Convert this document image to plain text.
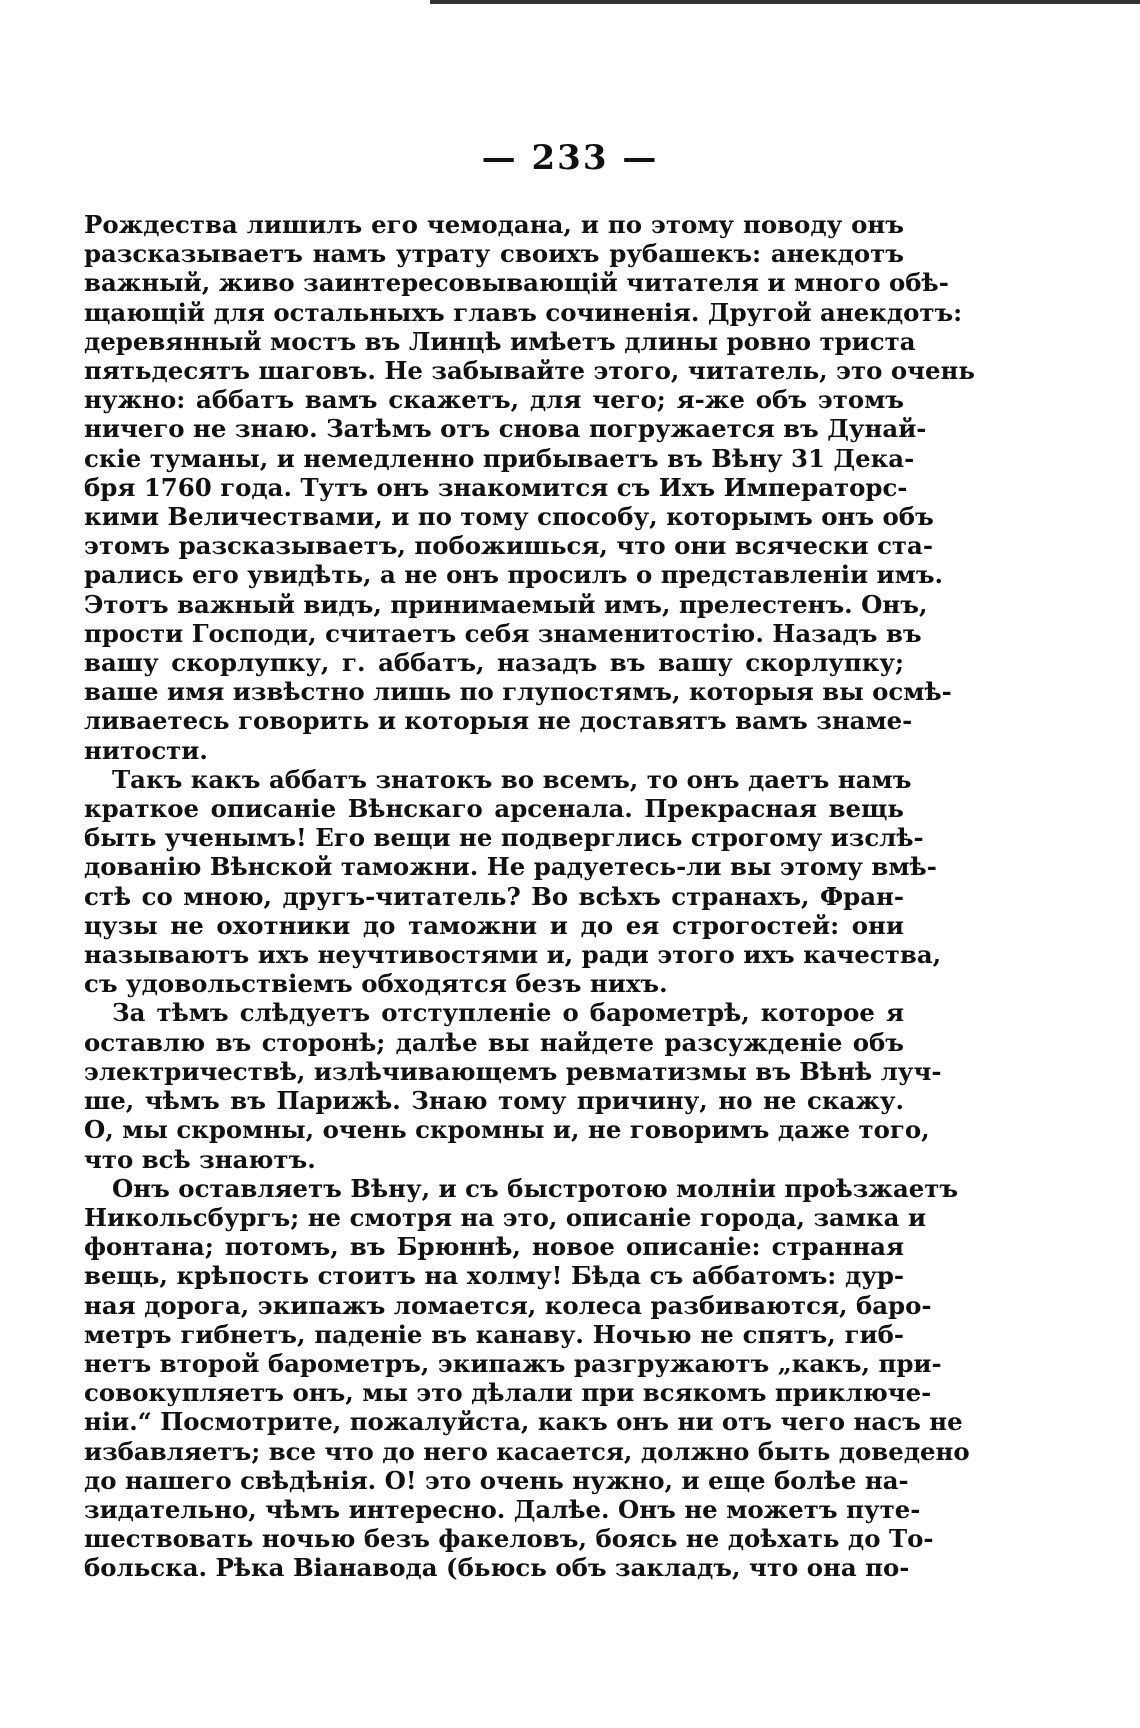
— 233 —
Рождества лишилъ его чемодана, и по этому поводу онъ
разсказываетъ намъ утрату своихъ рубашекъ: анекдотъ
важный, живо заинтересовывающій читателя и много обѣ-
щающій для остальныхъ главъ сочиненія. Другой анекдотъ:
деревянный мостъ въ Линцѣ имѣетъ длины ровно триста
пятьдесятъ шаговъ. Не забывайте этого, читатель, это очень
нужно: аббатъ вамъ скажетъ, для чего; я-же объ этомъ
ничего не знаю. Затѣмъ отъ снова погружается въ Дунай-
скіе туманы, и немедленно прибываетъ въ Вѣну 31 Дека-
бря 1760 года. Тутъ онъ знакомится съ Ихъ Императорс-
кими Величествами, и по тому способу, которымъ онъ объ
этомъ разсказываетъ, побожишься, что они всячески ста-
рались его увидѣть, а не онъ просилъ о представленіи имъ.
Этотъ важный видъ, принимаемый имъ, прелестенъ. Онъ,
прости Господи, считаетъ себя знаменитостію. Назадъ въ
вашу скорлупку, г. аббатъ, назадъ въ вашу скорлупку;
ваше имя извѣстно лишь по глупостямъ, которыя вы осмѣ-
ливаетесь говорить и которыя не доставятъ вамъ знаме-
нитости.
Такъ какъ аббатъ знатокъ во всемъ, то онъ даетъ намъ
краткое описаніе Вѣнскаго арсенала. Прекрасная вещь
быть ученымъ! Его вещи не подверглись строгому изслѣ-
дованію Вѣнской таможни. Не радуетесь-ли вы этому вмѣ-
стѣ со мною, другъ-читатель? Во всѣхъ странахъ, Фран-
цузы не охотники до таможни и до ея строгостей: они
называютъ ихъ неучтивостями и, ради этого ихъ качества,
съ удовольствіемъ обходятся безъ нихъ.
За тѣмъ слѣдуетъ отступленіе о барометрѣ, которое я
оставлю въ сторонѣ; далѣе вы найдете разсужденіе объ
электричествѣ, излѣчивающемъ ревматизмы въ Вѣнѣ луч-
ше, чѣмъ въ Парижѣ. Знаю тому причину, но не скажу.
О, мы скромны, очень скромны и, не говоримъ даже того,
что всѣ знаютъ.
Онъ оставляетъ Вѣну, и съ быстротою молніи проѣзжаетъ
Никольсбургъ; не смотря на это, описаніе города, замка и
фонтана; потомъ, въ Брюннѣ, новое описаніе: странная
вещь, крѣпость стоитъ на холму! Бѣда съ аббатомъ: дур-
ная дорога, экипажъ ломается, колеса разбиваются, баро-
метръ гибнетъ, паденіе въ канаву. Ночью не спятъ, гиб-
нетъ второй барометръ, экипажъ разгружаютъ „какъ, при-
совокупляетъ онъ, мы это дѣлали при всякомъ приключе-
ніи.“ Посмотрите, пожалуйста, какъ онъ ни отъ чего насъ не
избавляетъ; все что до него касается, должно быть доведено
до нашего свѣдѣнія. О! это очень нужно, и еще болѣе на-
зидательно, чѣмъ интересно. Далѣе. Онъ не можетъ путе-
шествовать ночью безъ факеловъ, боясь не доѣхать до То-
больска. Рѣка Віанавода (бьюсь объ закладъ, что она по-
